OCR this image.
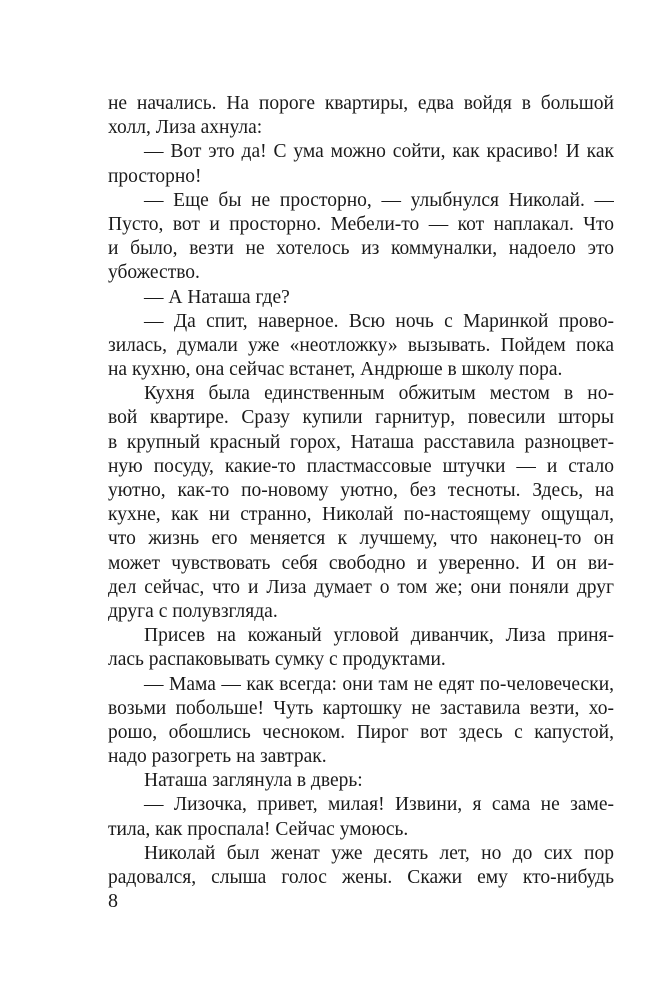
не начались. На пороге квартиры, едва войдя в большой
холл, Лиза ахнула:
— Вот это да! С ума можно сойти, как красиво! И как
просторно!
— Еще бы не просторно, — улыбнулся Николай. —
Пусто, вот и просторно. Мебели-то — кот наплакал. Что
и было, везти не хотелось из коммуналки, надоело это
убожество.
— А Наташа где?
— Да спит, наверное. Всю ночь с Маринкой прово-
зилась, думали уже «неотложку» вызывать. Пойдем пока
на кухню, она сейчас встанет, Андрюше в школу пора.
Кухня была единственным обжитым местом в но-
вой квартире. Сразу купили гарнитур, повесили шторы
в крупный красный горох, Наташа расставила разноцвет-
ную посуду, какие-то пластмассовые штучки — и стало
уютно, как-то по-новому уютно, без тесноты. Здесь, на
кухне, как ни странно, Николай по-настоящему ощущал,
что жизнь его меняется к лучшему, что наконец-то он
может чувствовать себя свободно и уверенно. И он ви-
дел сейчас, что и Лиза думает о том же; они поняли друг
друга с полувзгляда.
Присев на кожаный угловой диванчик, Лиза приня-
лась распаковывать сумку с продуктами.
— Мама — как всегда: они там не едят по-человечески,
возьми побольше! Чуть картошку не заставила везти, хо-
рошо, обошлись чесноком. Пирог вот здесь с капустой,
надо разогреть на завтрак.
Наташа заглянула в дверь:
— Лизочка, привет, милая! Извини, я сама не заме-
тила, как проспала! Сейчас умоюсь.
Николай был женат уже десять лет, но до сих пор
радовался, слыша голос жены. Скажи ему кто-нибудь
8
